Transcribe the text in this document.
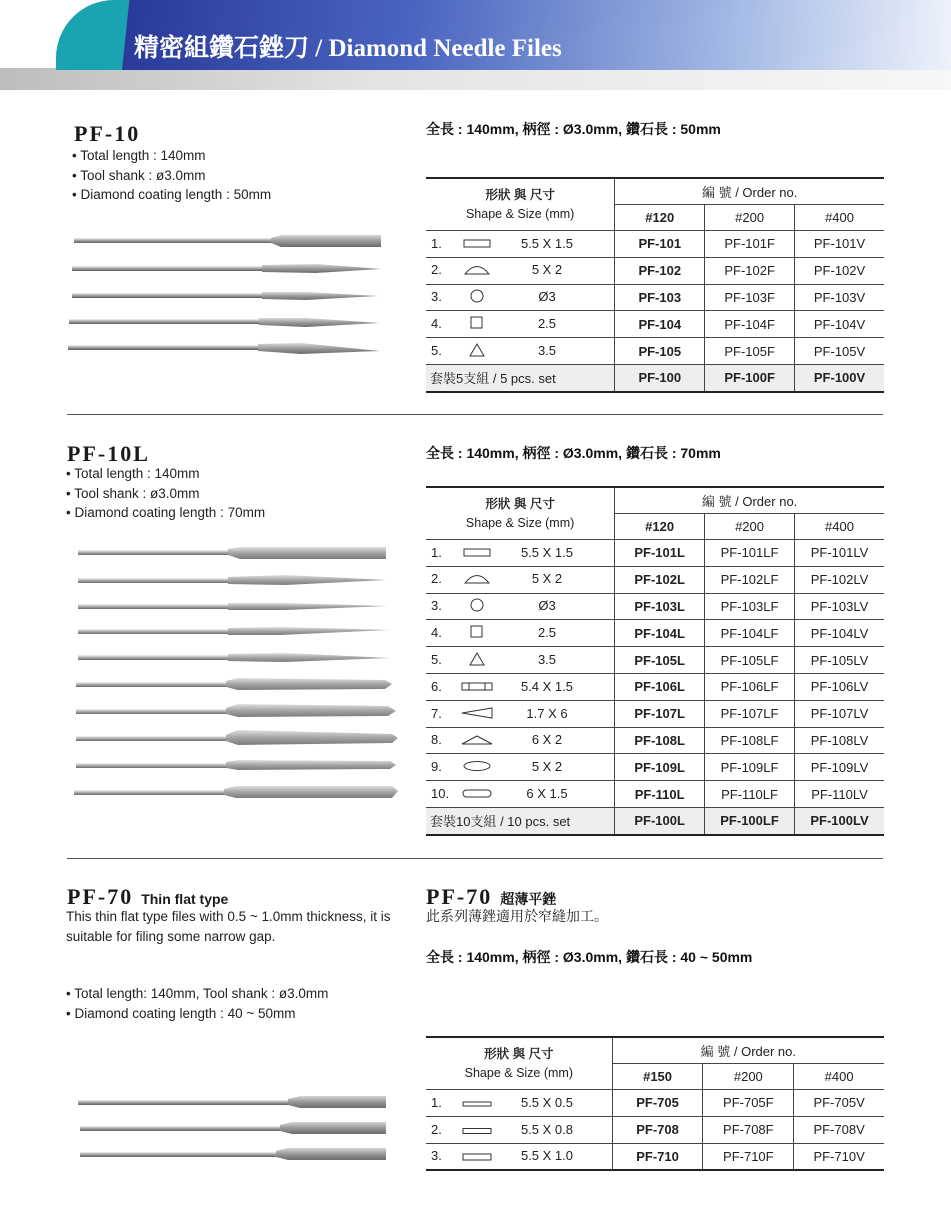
精密組鑽石銼刀 / Diamond Needle Files
PF-10
• Total length : 140mm
• Tool shank : ø3.0mm
• Diamond coating length : 50mm
全長 : 140mm, 柄徑 : Ø3.0mm, 鑽石長 : 50mm
形狀 與 尺寸
Shape & Size (mm)	編 號 / Order no.		
	#120	#200	#400
1. 5.5 X 1.5	PF-101	PF-101F	PF-101V
2. 5 X 2	PF-102	PF-102F	PF-102V
3. Ø3	PF-103	PF-103F	PF-103V
4. 2.5	PF-104	PF-104F	PF-104V
5. 3.5	PF-105	PF-105F	PF-105V
套裝5支組 / 5 pcs. set	PF-100	PF-100F	PF-100V
PF-10L
• Total length : 140mm
• Tool shank : ø3.0mm
• Diamond coating length : 70mm
全長 : 140mm, 柄徑 : Ø3.0mm, 鑽石長 : 70mm
形狀 與 尺寸
Shape & Size (mm)	編 號 / Order no.		
	#120	#200	#400
1. 5.5 X 1.5	PF-101L	PF-101LF	PF-101LV
2. 5 X 2	PF-102L	PF-102LF	PF-102LV
3. Ø3	PF-103L	PF-103LF	PF-103LV
4. 2.5	PF-104L	PF-104LF	PF-104LV
5. 3.5	PF-105L	PF-105LF	PF-105LV
6. 5.4 X 1.5	PF-106L	PF-106LF	PF-106LV
7. 1.7 X 6	PF-107L	PF-107LF	PF-107LV
8. 6 X 2	PF-108L	PF-108LF	PF-108LV
9. 5 X 2	PF-109L	PF-109LF	PF-109LV
10. 6 X 1.5	PF-110L	PF-110LF	PF-110LV
套裝10支組 / 10 pcs. set	PF-100L	PF-100LF	PF-100LV
PF-70 Thin flat type
This thin flat type files with 0.5 ~ 1.0mm thickness, it is suitable for filing some narrow gap.
• Total length: 140mm, Tool shank : ø3.0mm
• Diamond coating length : 40 ~ 50mm
PF-70 超薄平銼
此系列薄銼適用於窄縫加工。
全長 : 140mm, 柄徑 : Ø3.0mm, 鑽石長 : 40 ~ 50mm
形狀 與 尺寸
Shape & Size (mm)	編 號 / Order no.		
	#150	#200	#400
1. 5.5 X 0.5	PF-705	PF-705F	PF-705V
2. 5.5 X 0.8	PF-708	PF-708F	PF-708V
3. 5.5 X 1.0	PF-710	PF-710F	PF-710V
